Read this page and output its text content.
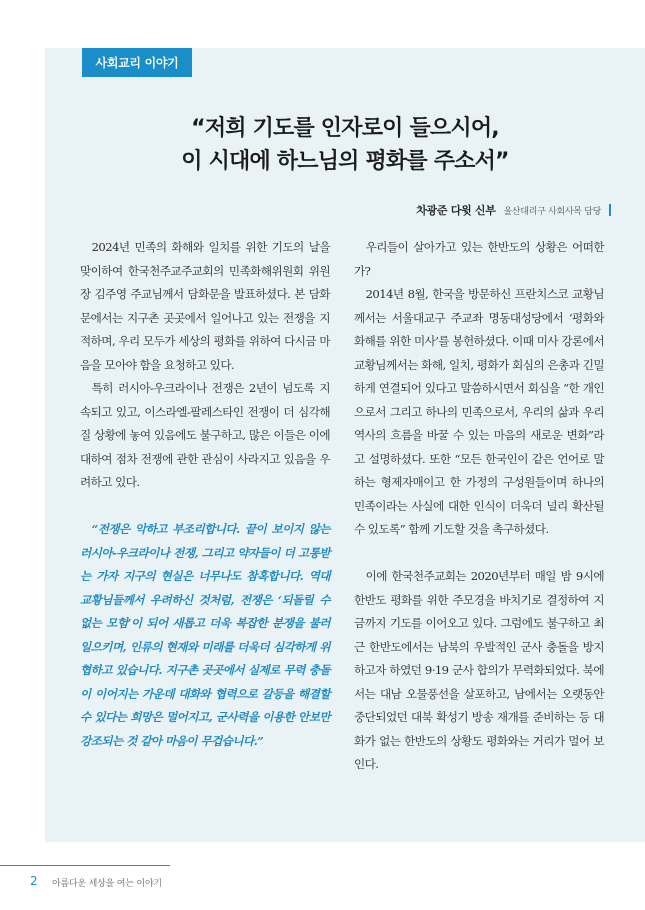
사회교리 이야기
“저희 기도를 인자로이 들으시어,
이 시대에 하느님의 평화를 주소서”
차광준 다윗 신부 울산대리구 사회사목 담당

2024년 민족의 화해와 일치를 위한 기도의 날을 맞이하여 한국천주교주교회의 민족화해위원회 위원장 김주영 주교님께서 담화문을 발표하셨다. 본 담화문에서는 지구촌 곳곳에서 일어나고 있는 전쟁을 지적하며, 우리 모두가 세상의 평화를 위하여 다시금 마음을 모아야 함을 요청하고 있다.

특히 러시아-우크라이나 전쟁은 2년이 넘도록 지속되고 있고, 이스라엘-팔레스타인 전쟁이 더 심각해질 상황에 놓여 있음에도 불구하고, 많은 이들은 이에 대하여 점차 전쟁에 관한 관심이 사라지고 있음을 우려하고 있다.

“전쟁은 악하고 부조리합니다. 끝이 보이지 않는 러시아-우크라이나 전쟁, 그리고 약자들이 더 고통받는 가자 지구의 현실은 너무나도 참혹합니다. 역대 교황님들께서 우려하신 것처럼, 전쟁은 ‘되돌릴 수 없는 모험’이 되어 새롭고 더욱 복잡한 분쟁을 불러일으키며, 인류의 현재와 미래를 더욱더 심각하게 위협하고 있습니다. 지구촌 곳곳에서 실제로 무력 충돌이 이어지는 가운데 대화와 협력으로 갈등을 해결할 수 있다는 희망은 멀어지고, 군사력을 이용한 안보만 강조되는 것 같아 마음이 무겁습니다.”

우리들이 살아가고 있는 한반도의 상황은 어떠한가?

2014년 8월, 한국을 방문하신 프란치스코 교황님께서는 서울대교구 주교좌 명동대성당에서 ‘평화와 화해를 위한 미사’를 봉헌하셨다. 이때 미사 강론에서 교황님께서는 화해, 일치, 평화가 회심의 은총과 긴밀하게 연결되어 있다고 말씀하시면서 회심을 “한 개인으로서 그리고 하나의 민족으로서, 우리의 삶과 우리 역사의 흐름을 바꿀 수 있는 마음의 새로운 변화”라고 설명하셨다. 또한 “모든 한국인이 같은 언어로 말하는 형제자매이고 한 가정의 구성원들이며 하나의 민족이라는 사실에 대한 인식이 더욱더 널리 확산될 수 있도록” 함께 기도할 것을 촉구하셨다.

이에 한국천주교회는 2020년부터 매일 밤 9시에 한반도 평화를 위한 주모경을 바치기로 결정하여 지금까지 기도를 이어오고 있다. 그럼에도 불구하고 최근 한반도에서는 남북의 우발적인 군사 충돌을 방지하고자 하였던 9·19 군사 합의가 무력화되었다. 북에서는 대남 오물풍선을 살포하고, 남에서는 오랫동안 중단되었던 대북 확성기 방송 재개를 준비하는 등 대화가 없는 한반도의 상황도 평화와는 거리가 멀어 보인다.

2 아름다운 세상을 여는 이야기
